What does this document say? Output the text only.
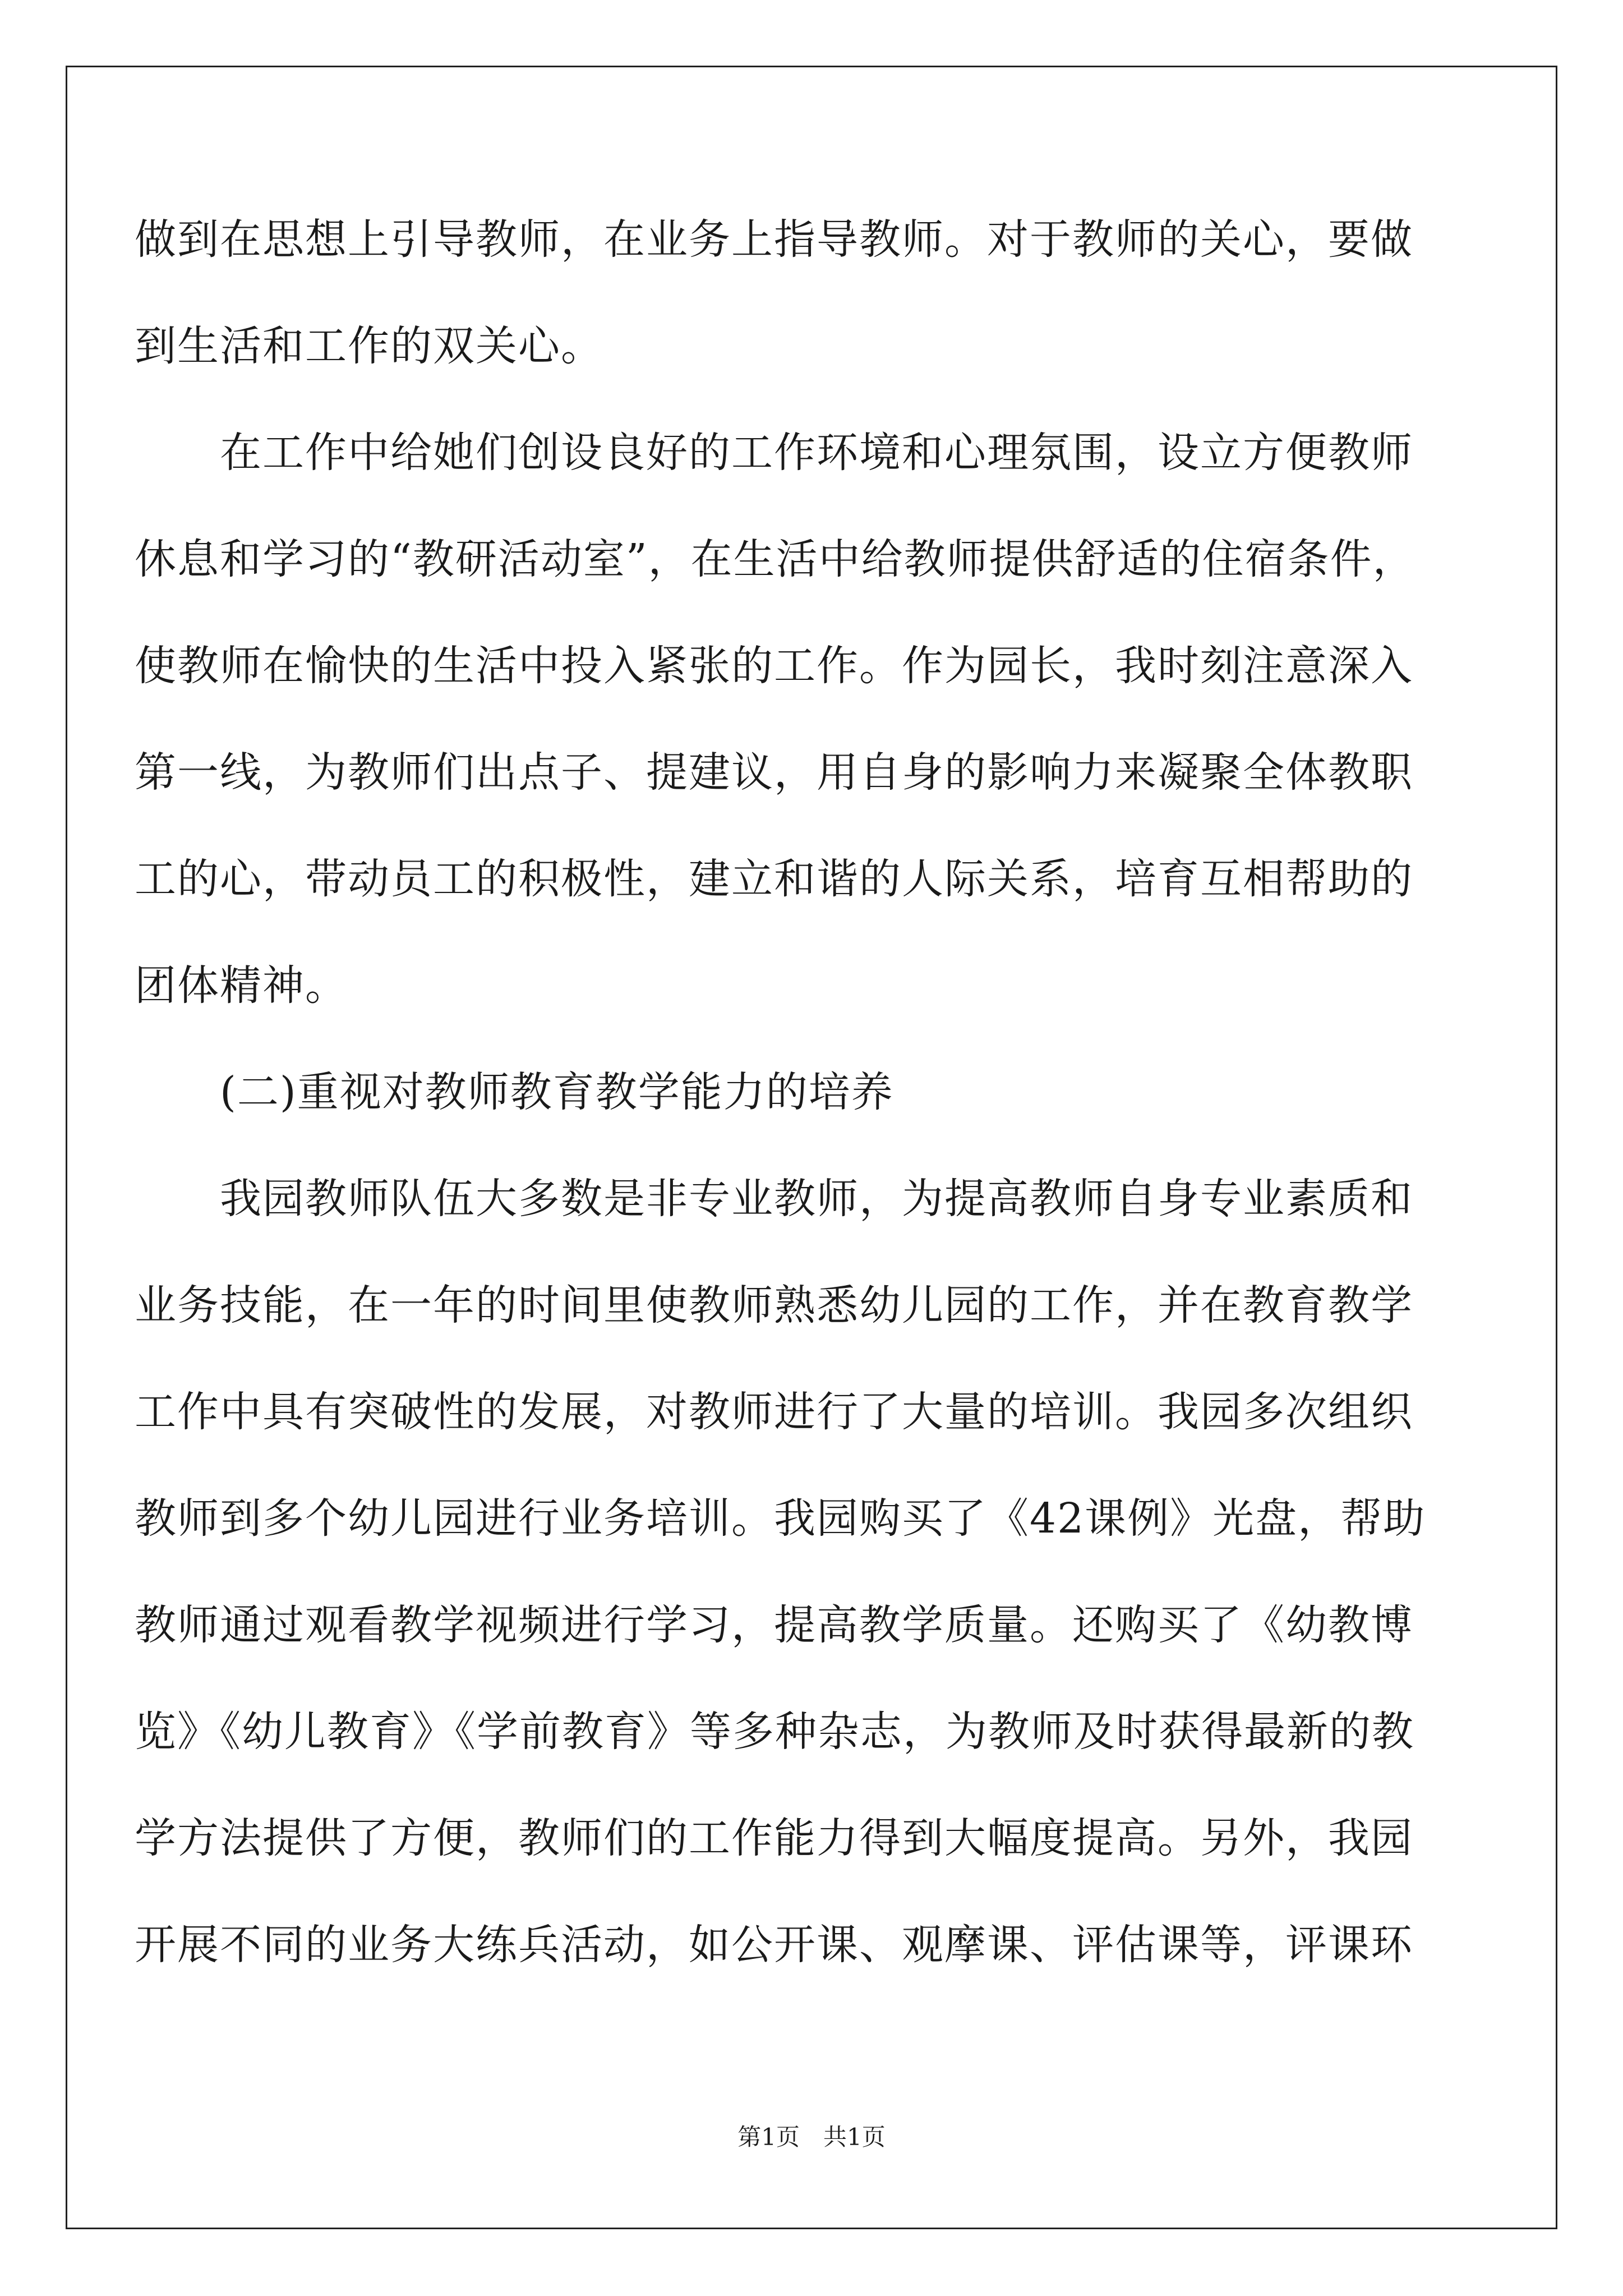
做到在思想上引导教师，在业务上指导教师。对于教师的关心，要做
到生活和工作的双关心。
　　在工作中给她们创设良好的工作环境和心理氛围，设立方便教师
休息和学习的“教研活动室”，在生活中给教师提供舒适的住宿条件，
使教师在愉快的生活中投入紧张的工作。作为园长，我时刻注意深入
第一线，为教师们出点子、提建议，用自身的影响力来凝聚全体教职
工的心，带动员工的积极性，建立和谐的人际关系，培育互相帮助的
团体精神。
　　(二)重视对教师教育教学能力的培养
　　我园教师队伍大多数是非专业教师，为提高教师自身专业素质和
业务技能，在一年的时间里使教师熟悉幼儿园的工作，并在教育教学
工作中具有突破性的发展，对教师进行了大量的培训。我园多次组织
教师到多个幼儿园进行业务培训。我园购买了《42课例》光盘，帮助
教师通过观看教学视频进行学习，提高教学质量。还购买了《幼教博
览》《幼儿教育》《学前教育》等多种杂志，为教师及时获得最新的教
学方法提供了方便，教师们的工作能力得到大幅度提高。另外，我园
开展不同的业务大练兵活动，如公开课、观摩课、评估课等，评课环
第1页　共1页
